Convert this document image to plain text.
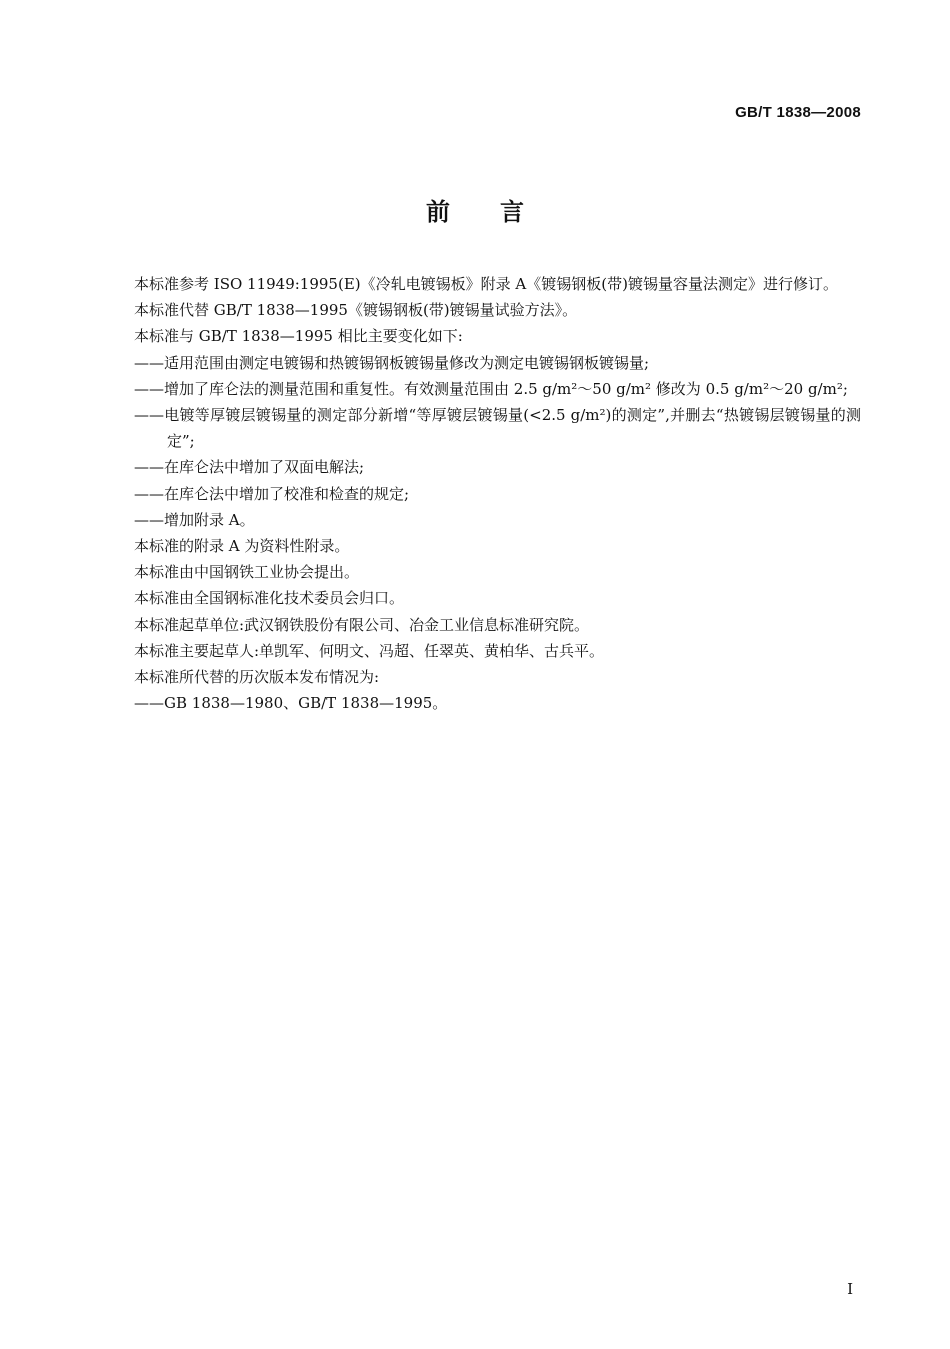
GB/T 1838—2008
前言

本标准参考 ISO 11949:1995(E)《冷轧电镀锡板》附录 A《镀锡钢板(带)镀锡量容量法测定》进行修订。

本标准代替 GB/T 1838—1995《镀锡钢板(带)镀锡量试验方法》。

本标准与 GB/T 1838—1995 相比主要变化如下:

——适用范围由测定电镀锡和热镀锡钢板镀锡量修改为测定电镀锡钢板镀锡量;

——增加了库仑法的测量范围和重复性。有效测量范围由 2.5 g/m²～50 g/m² 修改为 0.5 g/m²～20 g/m²;

——电镀等厚镀层镀锡量的测定部分新增“等厚镀层镀锡量(<2.5 g/m²)的测定”,并删去“热镀锡层镀锡量的测定”;

——在库仑法中增加了双面电解法;

——在库仑法中增加了校准和检查的规定;

——增加附录 A。

本标准的附录 A 为资料性附录。

本标准由中国钢铁工业协会提出。

本标准由全国钢标准化技术委员会归口。

本标准起草单位:武汉钢铁股份有限公司、冶金工业信息标准研究院。

本标准主要起草人:单凯军、何明文、冯超、任翠英、黄柏华、古兵平。

本标准所代替的历次版本发布情况为:

——GB 1838—1980、GB/T 1838—1995。

I
